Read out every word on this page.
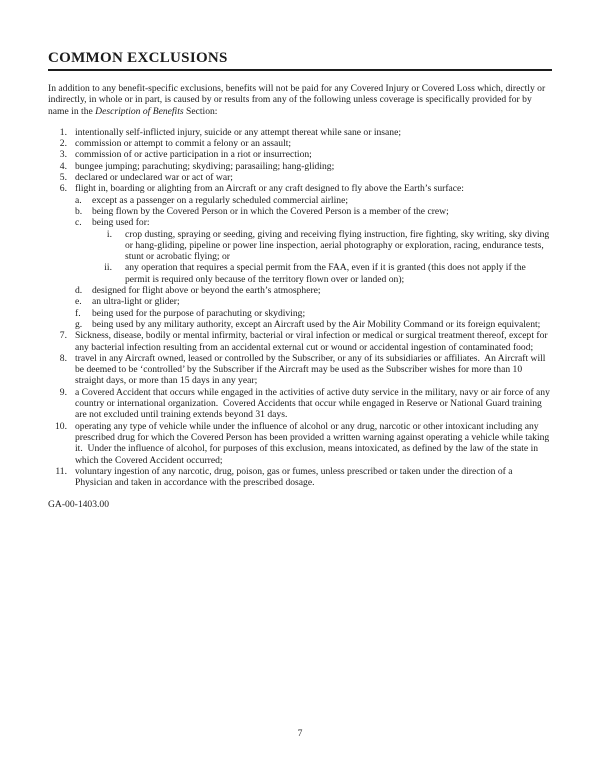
COMMON EXCLUSIONS

In addition to any benefit-specific exclusions, benefits will not be paid for any Covered Injury or Covered Loss which, directly or indirectly, in whole or in part, is caused by or results from any of the following unless coverage is specifically provided for by name in the Description of Benefits Section:

1. intentionally self-inflicted injury, suicide or any attempt thereat while sane or insane;
2. commission or attempt to commit a felony or an assault;
3. commission of or active participation in a riot or insurrection;
4. bungee jumping; parachuting; skydiving; parasailing; hang-gliding;
5. declared or undeclared war or act of war;
6. flight in, boarding or alighting from an Aircraft or any craft designed to fly above the Earth’s surface:
a.	except as a passenger on a regularly scheduled commercial airline;
b.	being flown by the Covered Person or in which the Covered Person is a member of the crew;
c.	being used for:
i.	crop dusting, spraying or seeding, giving and receiving flying instruction, fire fighting, sky writing, sky diving or hang-gliding, pipeline or power line inspection, aerial photography or exploration, racing, endurance tests, stunt or acrobatic flying; or
ii.	any operation that requires a special permit from the FAA, even if it is granted (this does not apply if the permit is required only because of the territory flown over or landed on);
d.	designed for flight above or beyond the earth’s atmosphere;
e.	an ultra-light or glider;
f.	being used for the purpose of parachuting or skydiving;
g.	being used by any military authority, except an Aircraft used by the Air Mobility Command or its foreign equivalent;
7. Sickness, disease, bodily or mental infirmity, bacterial or viral infection or medical or surgical treatment thereof, except for any bacterial infection resulting from an accidental external cut or wound or accidental ingestion of contaminated food;
8. travel in any Aircraft owned, leased or controlled by the Subscriber, or any of its subsidiaries or affiliates.  An Aircraft will be deemed to be ‘controlled’ by the Subscriber if the Aircraft may be used as the Subscriber wishes for more than 10 straight days, or more than 15 days in any year;
9. a Covered Accident that occurs while engaged in the activities of active duty service in the military, navy or air force of any country or international organization.  Covered Accidents that occur while engaged in Reserve or National Guard training are not excluded until training extends beyond 31 days.
10. operating any type of vehicle while under the influence of alcohol or any drug, narcotic or other intoxicant including any prescribed drug for which the Covered Person has been provided a written warning against operating a vehicle while taking it.  Under the influence of alcohol, for purposes of this exclusion, means intoxicated, as defined by the law of the state in which the Covered Accident occurred;
11. voluntary ingestion of any narcotic, drug, poison, gas or fumes, unless prescribed or taken under the direction of a Physician and taken in accordance with the prescribed dosage.
GA-00-1403.00
7
